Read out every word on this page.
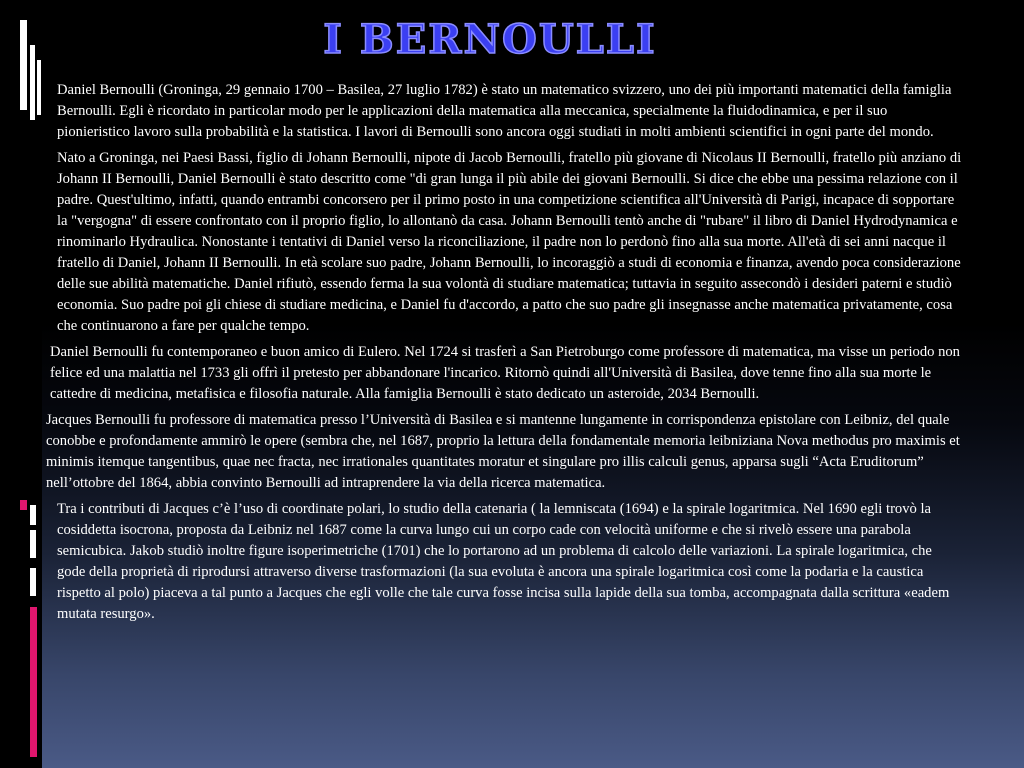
I BERNOULLI

Daniel Bernoulli (Groninga, 29 gennaio 1700 – Basilea, 27 luglio 1782) è stato un matematico svizzero, uno dei più importanti matematici della famiglia Bernoulli. Egli è ricordato in particolar modo per le applicazioni della matematica alla meccanica, specialmente la fluidodinamica, e per il suo pionieristico lavoro sulla probabilità e la statistica. I lavori di Bernoulli sono ancora oggi studiati in molti ambienti scientifici in ogni parte del mondo.

Nato a Groninga, nei Paesi Bassi, figlio di Johann Bernoulli, nipote di Jacob Bernoulli, fratello più giovane di Nicolaus II Bernoulli, fratello più anziano di Johann II Bernoulli, Daniel Bernoulli è stato descritto come "di gran lunga il più abile dei giovani Bernoulli. Si dice che ebbe una pessima relazione con il padre. Quest'ultimo, infatti, quando entrambi concorsero per il primo posto in una competizione scientifica all'Università di Parigi, incapace di sopportare la "vergogna" di essere confrontato con il proprio figlio, lo allontanò da casa. Johann Bernoulli tentò anche di "rubare" il libro di Daniel Hydrodynamica e rinominarlo Hydraulica. Nonostante i tentativi di Daniel verso la riconciliazione, il padre non lo perdonò fino alla sua morte. All'età di sei anni nacque il fratello di Daniel, Johann II Bernoulli. In età scolare suo padre, Johann Bernoulli, lo incoraggiò a studi di economia e finanza, avendo poca considerazione delle sue abilità matematiche. Daniel rifiutò, essendo ferma la sua volontà di studiare matematica; tuttavia in seguito assecondò i desideri paterni e studiò economia. Suo padre poi gli chiese di studiare medicina, e Daniel fu d'accordo, a patto che suo padre gli insegnasse anche matematica privatamente, cosa che continuarono a fare per qualche tempo.

Daniel Bernoulli fu contemporaneo e buon amico di Eulero. Nel 1724 si trasferì a San Pietroburgo come professore di matematica, ma visse un periodo non felice ed una malattia nel 1733 gli offrì il pretesto per abbandonare l'incarico. Ritornò quindi all'Università di Basilea, dove tenne fino alla sua morte le cattedre di medicina, metafisica e filosofia naturale. Alla famiglia Bernoulli è stato dedicato un asteroide, 2034 Bernoulli.

Jacques Bernoulli fu professore di matematica presso l’Università di Basilea e si mantenne lungamente in corrispondenza epistolare con Leibniz, del quale conobbe e profondamente ammirò le opere (sembra che, nel 1687, proprio la lettura della fondamentale memoria leibniziana Nova methodus pro maximis et minimis itemque tangentibus, quae nec fracta, nec irrationales quantitates moratur et singulare pro illis calculi genus, apparsa sugli “Acta Eruditorum” nell’ottobre del 1864, abbia convinto Bernoulli ad intraprendere la via della ricerca matematica.

Tra i contributi di Jacques c’è l’uso di coordinate polari, lo studio della catenaria ( la lemniscata (1694) e la spirale logaritmica. Nel 1690 egli trovò la cosiddetta isocrona, proposta da Leibniz nel 1687 come la curva lungo cui un corpo cade con velocità uniforme e che si rivelò essere una parabola semicubica. Jakob studiò inoltre figure isoperimetriche (1701) che lo portarono ad un problema di calcolo delle variazioni. La spirale logaritmica, che gode della proprietà di riprodursi attraverso diverse trasformazioni (la sua evoluta è ancora una spirale logaritmica così come la podaria e la caustica rispetto al polo) piaceva a tal punto a Jacques che egli volle che tale curva fosse incisa sulla lapide della sua tomba, accompagnata dalla scrittura «eadem mutata resurgo».
